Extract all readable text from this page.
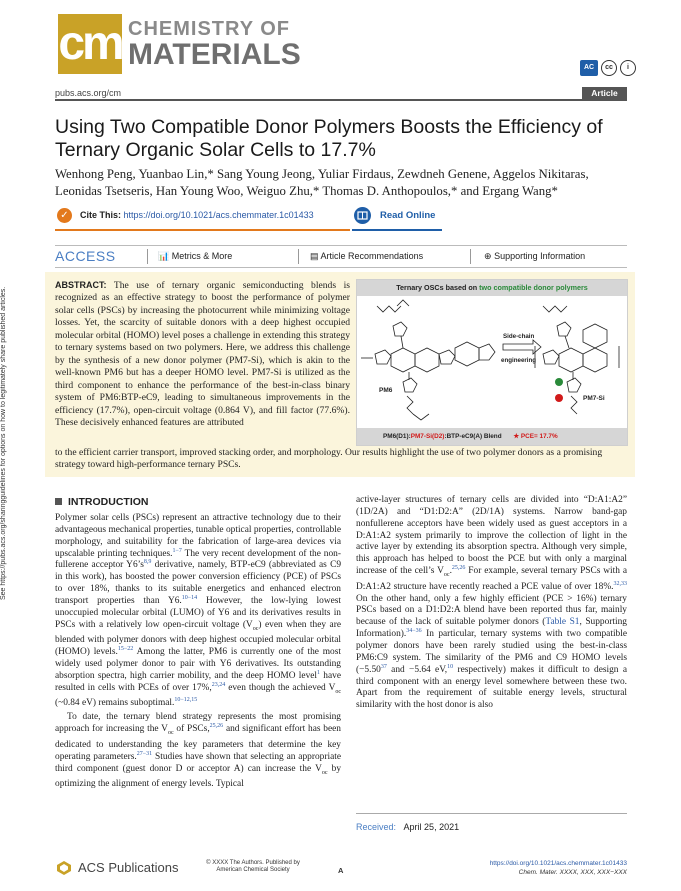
cm CHEMISTRY OF
MATERIALS	AC	cc	i
pubs.acs.org/cm	Article
Using Two Compatible Donor Polymers Boosts the Efficiency of Ternary Organic Solar Cells to 17.7%
Wenhong Peng, Yuanbao Lin,* Sang Young Jeong, Yuliar Firdaus, Zewdneh Genene, Aggelos Nikitaras,
Leonidas Tsetseris, Han Young Woo, Weiguo Zhu,* Thomas D. Anthopoulos,* and Ergang Wang*
✓	Cite This: https://doi.org/10.1021/acs.chemmater.1c01433	Read Online
ACCESS	📊 Metrics & More	▤ Article Recommendations	⊕ Supporting Information
ABSTRACT: The use of ternary organic semiconducting blends is recognized as an effective strategy to boost the performance of polymer solar cells (PSCs) by increasing the photocurrent while minimizing voltage losses. Yet, the scarcity of suitable donors with a deep highest occupied molecular orbital (HOMO) level poses a challenge in extending this strategy to ternary systems based on two polymers. Here, we address this challenge by the synthesis of a new donor polymer (PM7-Si), which is akin to the well-known PM6 but has a deeper HOMO level. PM7-Si is utilized as the third component to enhance the performance of the best-in-class binary system of PM6:BTP-eC9, leading to simultaneous improvements in the efficiency (17.7%), open-circuit voltage (0.864 V), and fill factor (77.6%). These decisively enhanced features are attributed
to the efficient carrier transport, improved stacking order, and morphology. Our results highlight the use of two polymer donors as a promising strategy toward high-performance ternary PSCs.
Ternary OSCs based on two compatible donor polymers
PM6
Side-chain
engineering
PM7-Si
PM6(D1):PM7-Si(D2):BTP-eC9(A) Blend ★ PCE= 17.7%
See https://pubs.acs.org/sharingguidelines for options on how to legitimately share published articles.	INTRODUCTION

Polymer solar cells (PSCs) represent an attractive technology due to their advantageous mechanical properties, tunable optical properties, controllable morphology, and suitability for the fabrication of large-area devices via upscalable printing techniques.$^{1-7}$ The very recent development of the non-fullerene acceptor $Y6’s^{8,9}$ derivative, namely, BTP-eC9 (abbreviated as C9 in this work), has boosted the power conversion efficiency (PCE) of PSCs to over 18%, thanks to its suitable energetics and enhanced electron transport properties than Y6.$^{10-14}$ However, the low-lying lowest unoccupied molecular orbital (LUMO) of Y6 and its derivatives results in PSCs with a relatively low open-circuit voltage $(V_{oc})$ even when they are blended with polymer donors with deep highest occupied molecular orbital (HOMO) levels.$^{15-22}$ Among the latter, PM6 is currently one of the most widely used polymer donor to pair with Y6 derivatives. Its outstanding absorption spectra, high carrier mobility, and the deep HOMO level$^1$ have resulted in cells with PCEs of over 17%,$^{23,24}$ even though the achieved $V_{oc}$ (~0.84 eV) remains suboptimal.$^{10-12,15}$

To date, the ternary blend strategy represents the most promising approach for increasing the $V_{oc}$ of PSCs,$^{25,26}$ and significant effort has been dedicated to understanding the key parameters that determine the key operating parameters.$^{27-31}$ Studies have shown that selecting an appropriate third component (guest donor D or acceptor A) can increase the $V_{oc}$ by optimizing the alignment of energy levels. Typical

active-layer structures of ternary cells are divided into “D:A1:A2” (1D/2A) and “D1:D2:A” (2D/1A) systems. Narrow band-gap nonfullerene acceptors have been widely used as guest acceptors in a D:A1:A2 system primarily to improve the collection of light in the active layer by extending its absorption spectra. Although very simple, this approach has helped to boost the PCE but with only a marginal increase of the cell’s $V_{oc}.^{25,26}$ For example, several ternary PSCs with a D:A1:A2 structure have recently reached a PCE value of over 18%.$^{32,33}$ On the other hand, only a few highly efficient (PCE > 16%) ternary PSCs based on a D1:D2:A blend have been reported thus far, mainly because of the lack of suitable polymer donors (Table S1, Supporting Information).$^{34-36}$ In particular, ternary systems with two compatible polymer donors have been rarely studied using the best-in-class PM6:C9 system. The similarity of the PM6 and C9 HOMO levels ($-5.50^{37}$ and −5.64 eV,$^{10}$ respectively) makes it difficult to design a third component with an energy level somewhere between these two. Apart from the requirement of suitable energy levels, structural similarity with the host donor is also

Received: April 25, 2021
ACS Publications	© XXXX The Authors. Published by
American Chemical Society	A
https://doi.org/10.1021/acs.chemmater.1c01433
Chem. Mater. XXXX, XXX, XXX−XXX
